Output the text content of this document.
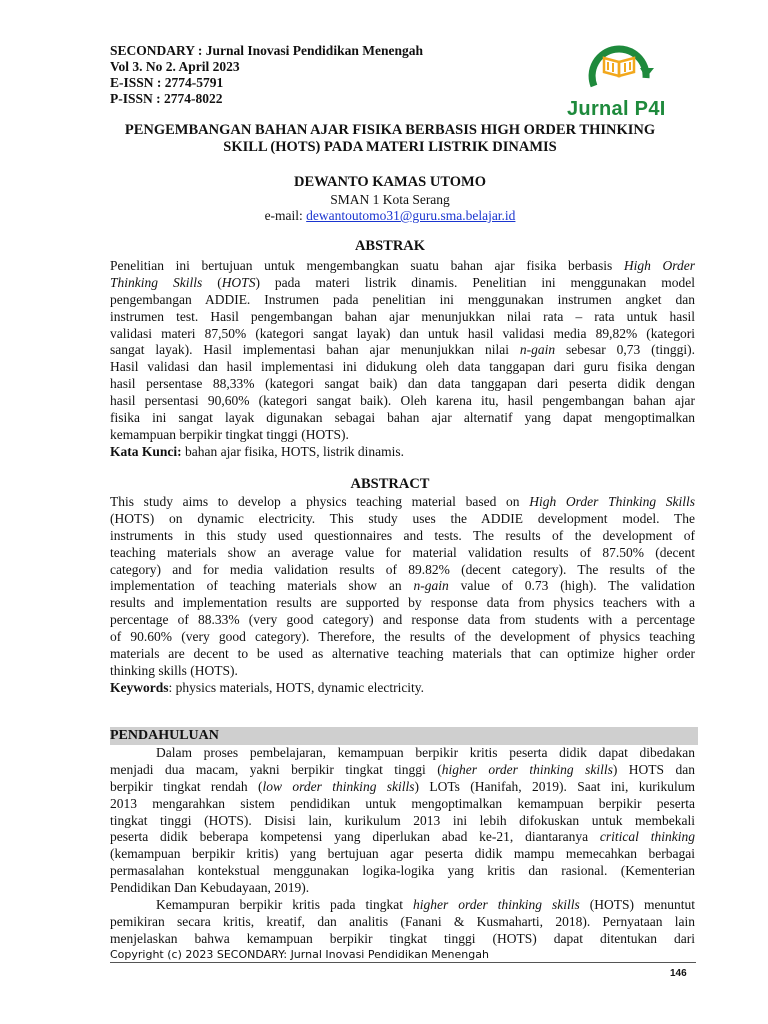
SECONDARY : Jurnal Inovasi Pendidikan Menengah
Vol 3. No 2. April 2023
E-ISSN : 2774-5791
P-ISSN : 2774-8022	Jurnal P4I
PENGEMBANGAN BAHAN AJAR FISIKA BERBASIS HIGH ORDER THINKING
SKILL (HOTS) PADA MATERI LISTRIK DINAMIS
DEWANTO KAMAS UTOMO
SMAN 1 Kota Serang
e-mail: dewantoutomo31@guru.sma.belajar.id
ABSTRAK
Penelitian ini bertujuan untuk mengembangkan suatu bahan ajar fisika berbasis High Order
Thinking Skills (HOTS) pada materi listrik dinamis. Penelitian ini menggunakan model
pengembangan ADDIE. Instrumen pada penelitian ini menggunakan instrumen angket dan
instrumen test. Hasil pengembangan bahan ajar menunjukkan nilai rata – rata untuk hasil
validasi materi 87,50% (kategori sangat layak) dan untuk hasil validasi media 89,82% (kategori
sangat layak). Hasil implementasi bahan ajar menunjukkan nilai n-gain sebesar 0,73 (tinggi).
Hasil validasi dan hasil implementasi ini didukung oleh data tanggapan dari guru fisika dengan
hasil persentase 88,33% (kategori sangat baik) dan data tanggapan dari peserta didik dengan
hasil persentasi 90,60% (kategori sangat baik). Oleh karena itu, hasil pengembangan bahan ajar
fisika ini sangat layak digunakan sebagai bahan ajar alternatif yang dapat mengoptimalkan
kemampuan berpikir tingkat tinggi (HOTS).
Kata Kunci: bahan ajar fisika, HOTS, listrik dinamis.
ABSTRACT
This study aims to develop a physics teaching material based on High Order Thinking Skills
(HOTS) on dynamic electricity. This study uses the ADDIE development model. The
instruments in this study used questionnaires and tests. The results of the development of
teaching materials show an average value for material validation results of 87.50% (decent
category) and for media validation results of 89.82% (decent category). The results of the
implementation of teaching materials show an n-gain value of 0.73 (high). The validation
results and implementation results are supported by response data from physics teachers with a
percentage of 88.33% (very good category) and response data from students with a percentage
of 90.60% (very good category). Therefore, the results of the development of physics teaching
materials are decent to be used as alternative teaching materials that can optimize higher order
thinking skills (HOTS).
Keywords: physics materials, HOTS, dynamic electricity.
PENDAHULUAN
Dalam proses pembelajaran, kemampuan berpikir kritis peserta didik dapat dibedakan
menjadi dua macam, yakni berpikir tingkat tinggi (higher order thinking skills) HOTS dan
berpikir tingkat rendah (low order thinking skills) LOTs (Hanifah, 2019). Saat ini, kurikulum
2013 mengarahkan sistem pendidikan untuk mengoptimalkan kemampuan berpikir peserta
tingkat tinggi (HOTS). Disisi lain, kurikulum 2013 ini lebih difokuskan untuk membekali
peserta didik beberapa kompetensi yang diperlukan abad ke-21, diantaranya critical thinking
(kemampuan berpikir kritis) yang bertujuan agar peserta didik mampu memecahkan berbagai
permasalahan kontekstual menggunakan logika-logika yang kritis dan rasional. (Kementerian
Pendidikan Dan Kebudayaan, 2019).
Kemampuran berpikir kritis pada tingkat higher order thinking skills (HOTS) menuntut
pemikiran secara kritis, kreatif, dan analitis (Fanani & Kusmaharti, 2018). Pernyataan lain
menjelaskan bahwa kemampuan berpikir tingkat tinggi (HOTS) dapat ditentukan dari
Copyright (c) 2023 SECONDARY: Jurnal Inovasi Pendidikan Menengah
146
